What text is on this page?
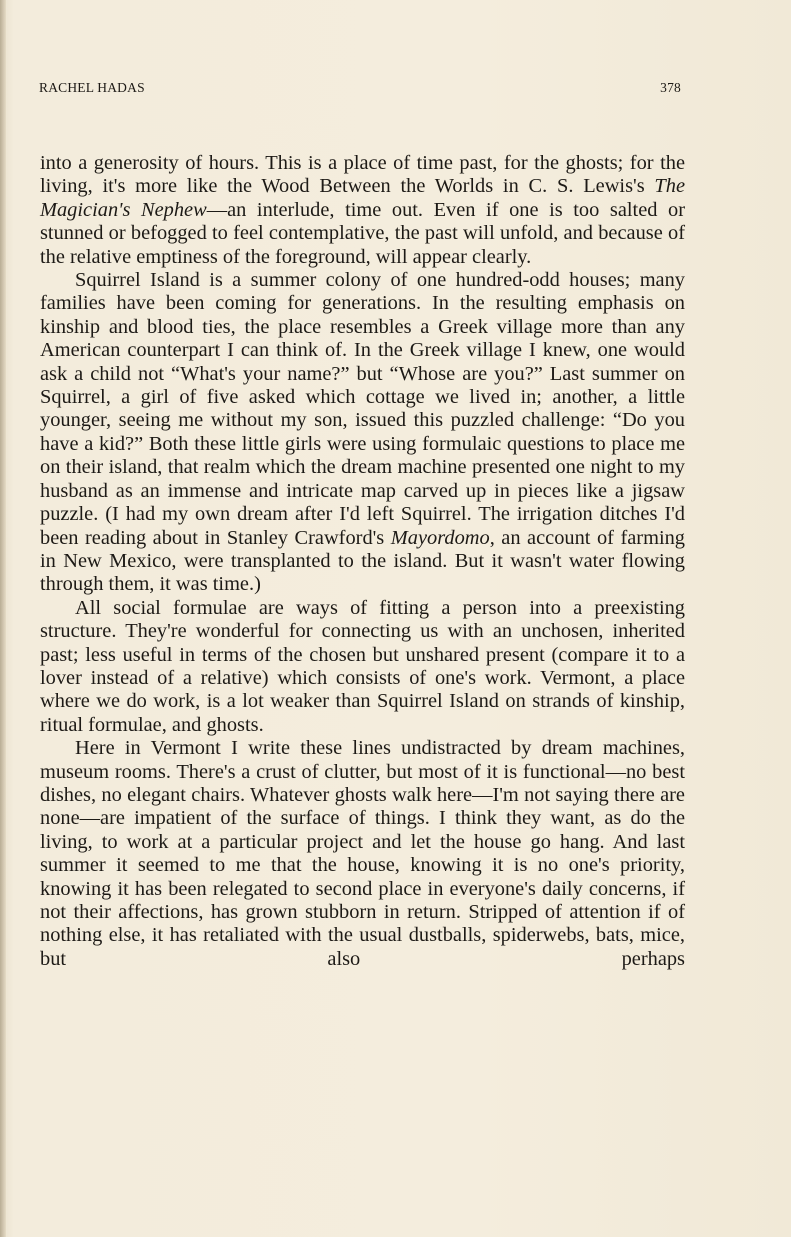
RACHEL HADAS	378

into a generosity of hours. This is a place of time past, for the ghosts; for the living, it's more like the Wood Between the Worlds in C. S. Lewis's The Magician's Nephew—an interlude, time out. Even if one is too salted or stunned or befogged to feel contemplative, the past will unfold, and because of the relative emptiness of the foreground, will appear clearly.

Squirrel Island is a summer colony of one hundred-odd houses; many families have been coming for generations. In the resulting emphasis on kinship and blood ties, the place resembles a Greek village more than any American counterpart I can think of. In the Greek village I knew, one would ask a child not “What's your name?” but “Whose are you?” Last summer on Squirrel, a girl of five asked which cottage we lived in; another, a little younger, seeing me without my son, issued this puzzled challenge: “Do you have a kid?” Both these little girls were using formulaic questions to place me on their island, that realm which the dream machine presented one night to my husband as an immense and intricate map carved up in pieces like a jigsaw puzzle. (I had my own dream after I'd left Squirrel. The irrigation ditches I'd been reading about in Stanley Crawford's Mayordomo, an account of farming in New Mexico, were transplanted to the island. But it wasn't water flowing through them, it was time.)

All social formulae are ways of fitting a person into a preexisting structure. They're wonderful for connecting us with an unchosen, inherited past; less useful in terms of the chosen but unshared present (compare it to a lover instead of a relative) which consists of one's work. Vermont, a place where we do work, is a lot weaker than Squirrel Island on strands of kinship, ritual formulae, and ghosts.

Here in Vermont I write these lines undistracted by dream machines, museum rooms. There's a crust of clutter, but most of it is functional—no best dishes, no elegant chairs. Whatever ghosts walk here—I'm not saying there are none—are impatient of the surface of things. I think they want, as do the living, to work at a particular project and let the house go hang. And last summer it seemed to me that the house, knowing it is no one's priority, knowing it has been relegated to second place in everyone's daily concerns, if not their affections, has grown stubborn in return. Stripped of attention if of nothing else, it has retaliated with the usual dustballs, spiderwebs, bats, mice, but also perhaps
